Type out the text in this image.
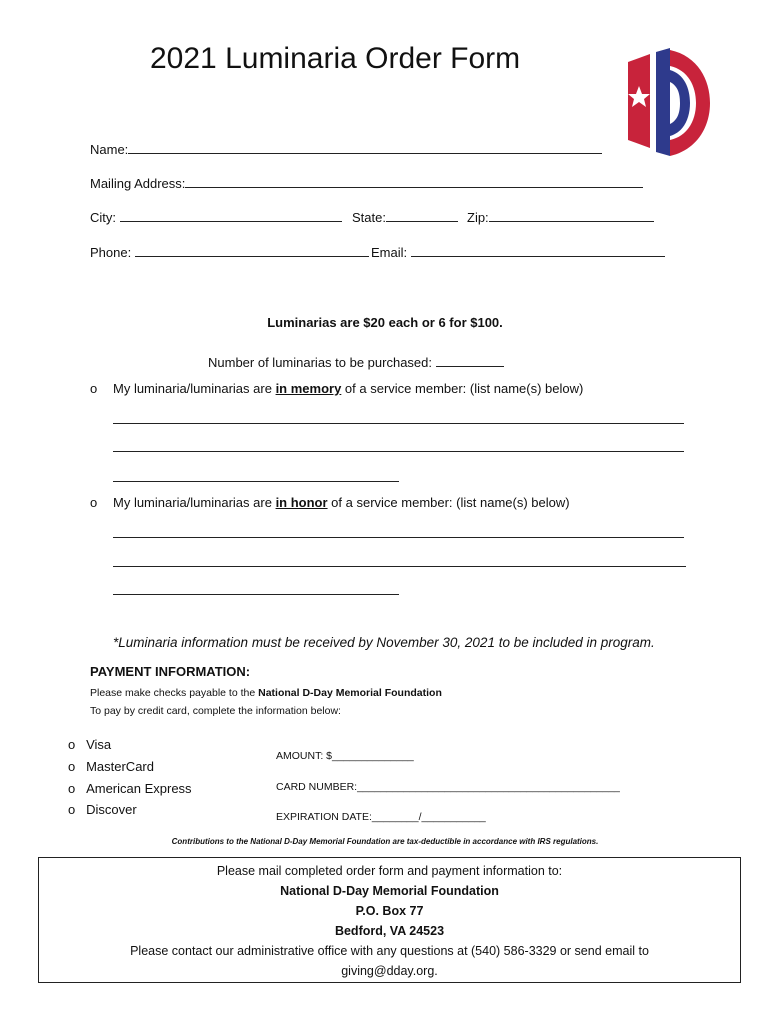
2021 Luminaria Order Form
Name:
Mailing Address:
City:	State:	Zip:
Phone:	Email:
Luminarias are $20 each or 6 for $100.
Number of luminarias to be purchased:
o My luminaria/luminarias are in memory of a service member: (list name(s) below)
o My luminaria/luminarias are in honor of a service member: (list name(s) below)
*Luminaria information must be received by November 30, 2021 to be included in program.
PAYMENT INFORMATION:
Please make checks payable to the National D-Day Memorial Foundation
To pay by credit card, complete the information below:
o Visa
o MasterCard
o American Express
o Discover
AMOUNT: $______________
CARD NUMBER:_____________________________________________
EXPIRATION DATE:________/___________
Contributions to the National D-Day Memorial Foundation are tax-deductible in accordance with IRS regulations.
Please mail completed order form and payment information to:
National D-Day Memorial Foundation
P.O. Box 77
Bedford, VA 24523
Please contact our administrative office with any questions at (540) 586-3329 or send email to
giving@dday.org.
